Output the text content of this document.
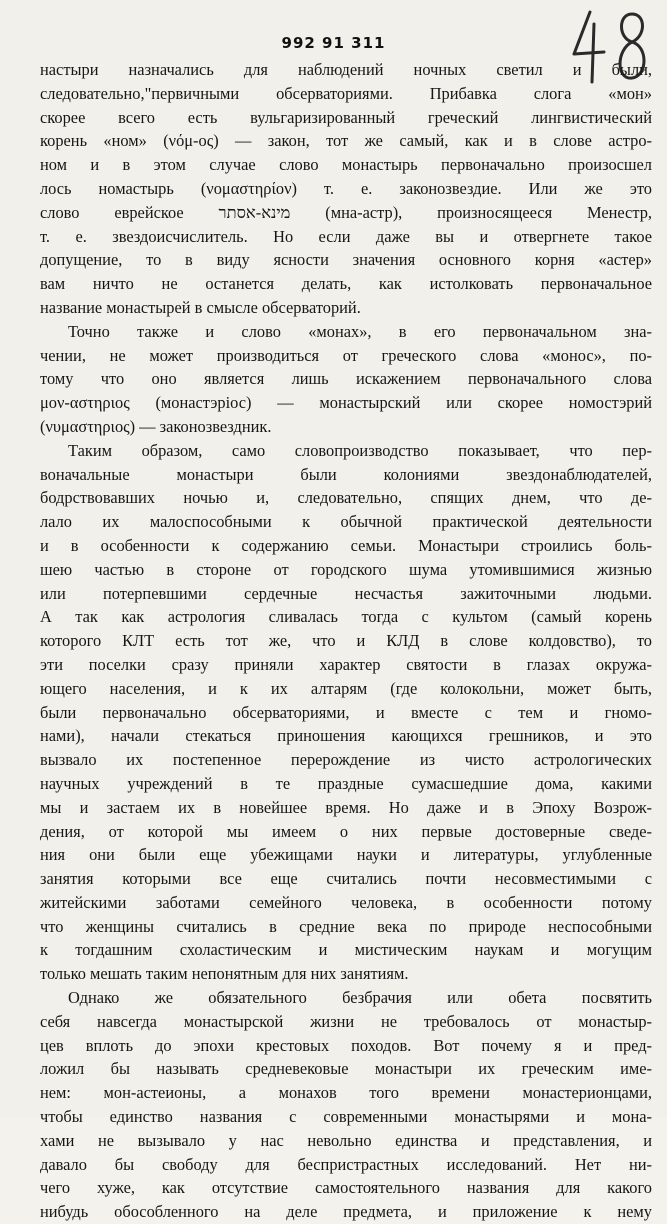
992 91 311
настыри назначались для наблюдений ночных светил и были,
следовательно,"первичными обсерваториями. Прибавка слога «мон»
скорее всего есть вульгаризированный греческий лингвистический
корень «ном» (νόμ-ος) — закон, тот же самый, как и в слове астро-
ном и в этом случае слово монастырь первоначально произоcшел
лось номастырь (νομαστηρίον) т. е. законозвездие. Или же это
слово еврейское מינא-אסתר (мна-астр), произносящееся Менестр,
т. е. звездоисчислитель. Но если даже вы и отвергнете такое
допущение, то в виду ясности значения основного корня «астер»
вам ничто не останется делать, как истолковать первоначальное
название монастырей в смысле обсерваторий.
Точно также и слово «монах», в его первоначальном зна-
чении, не может производиться от греческого слова «монос», по-
тому что оно является лишь искажением первоначального слова
μον-αστηριος (монастэріос) — монастырский или скорее номостэрий
(νυμαστηριος) — законозвездник.
Таким образом, само словопроизводство показывает, что пер-
воначальные монастыри были колониями звездонаблюдателей,
бодрствовавших ночью и, следовательно, спящих днем, что де-
лало их малоспособными к обычной практической деятельности
и в особенности к содержанию семьи. Монастыри строились боль-
шею частью в стороне от городского шума утомившимися жизнью
или потерпевшими сердечные несчастья зажиточными людьми.
А так как астрология сливалась тогда с культом (самый корень
которого КЛТ есть тот же, что и КЛД в слове колдовство), то
эти поселки сразу приняли характер святости в глазах окружа-
ющего населения, и к их алтарям (где колокольни, может быть,
были первоначально обсерваториями, и вместе с тем и гномо-
нами), начали стекаться приношения кающихся грешников, и это
вызвало их постепенное перерождение из чисто астрологических
научных учреждений в те праздные сумасшедшие дома, какими
мы и застаем их в новейшее время. Но даже и в Эпоху Возрож-
дения, от которой мы имеем о них первые достоверные сведе-
ния они были еще убежищами науки и литературы, углубленные
занятия которыми все еще считались почти несовместимыми с
житейскими заботами семейного человека, в особенности потому
что женщины считались в средние века по природе неспособными
к тогдашним схоластическим и мистическим наукам и могущим
только мешать таким непонятным для них занятиям.
Однако же обязательного безбрачия или обета посвятить
себя навсегда монастырской жизни не требовалось от монастыр-
цев вплоть до эпохи крестовых походов. Вот почему я и пред-
ложил бы называть средневековые монастыри их греческим име-
нем: мон-астеионы, а монахов того времени монастерионцами,
чтобы единство названия с современными монастырями и мона-
хами не вызывало у нас невольно единства и представления, и
давало бы свободу для беспристрастных исследований. Нет ни-
чего хуже, как отсутствие самостоятельного названия для какого
нибудь обособленного на деле предмета, и приложение к нему
